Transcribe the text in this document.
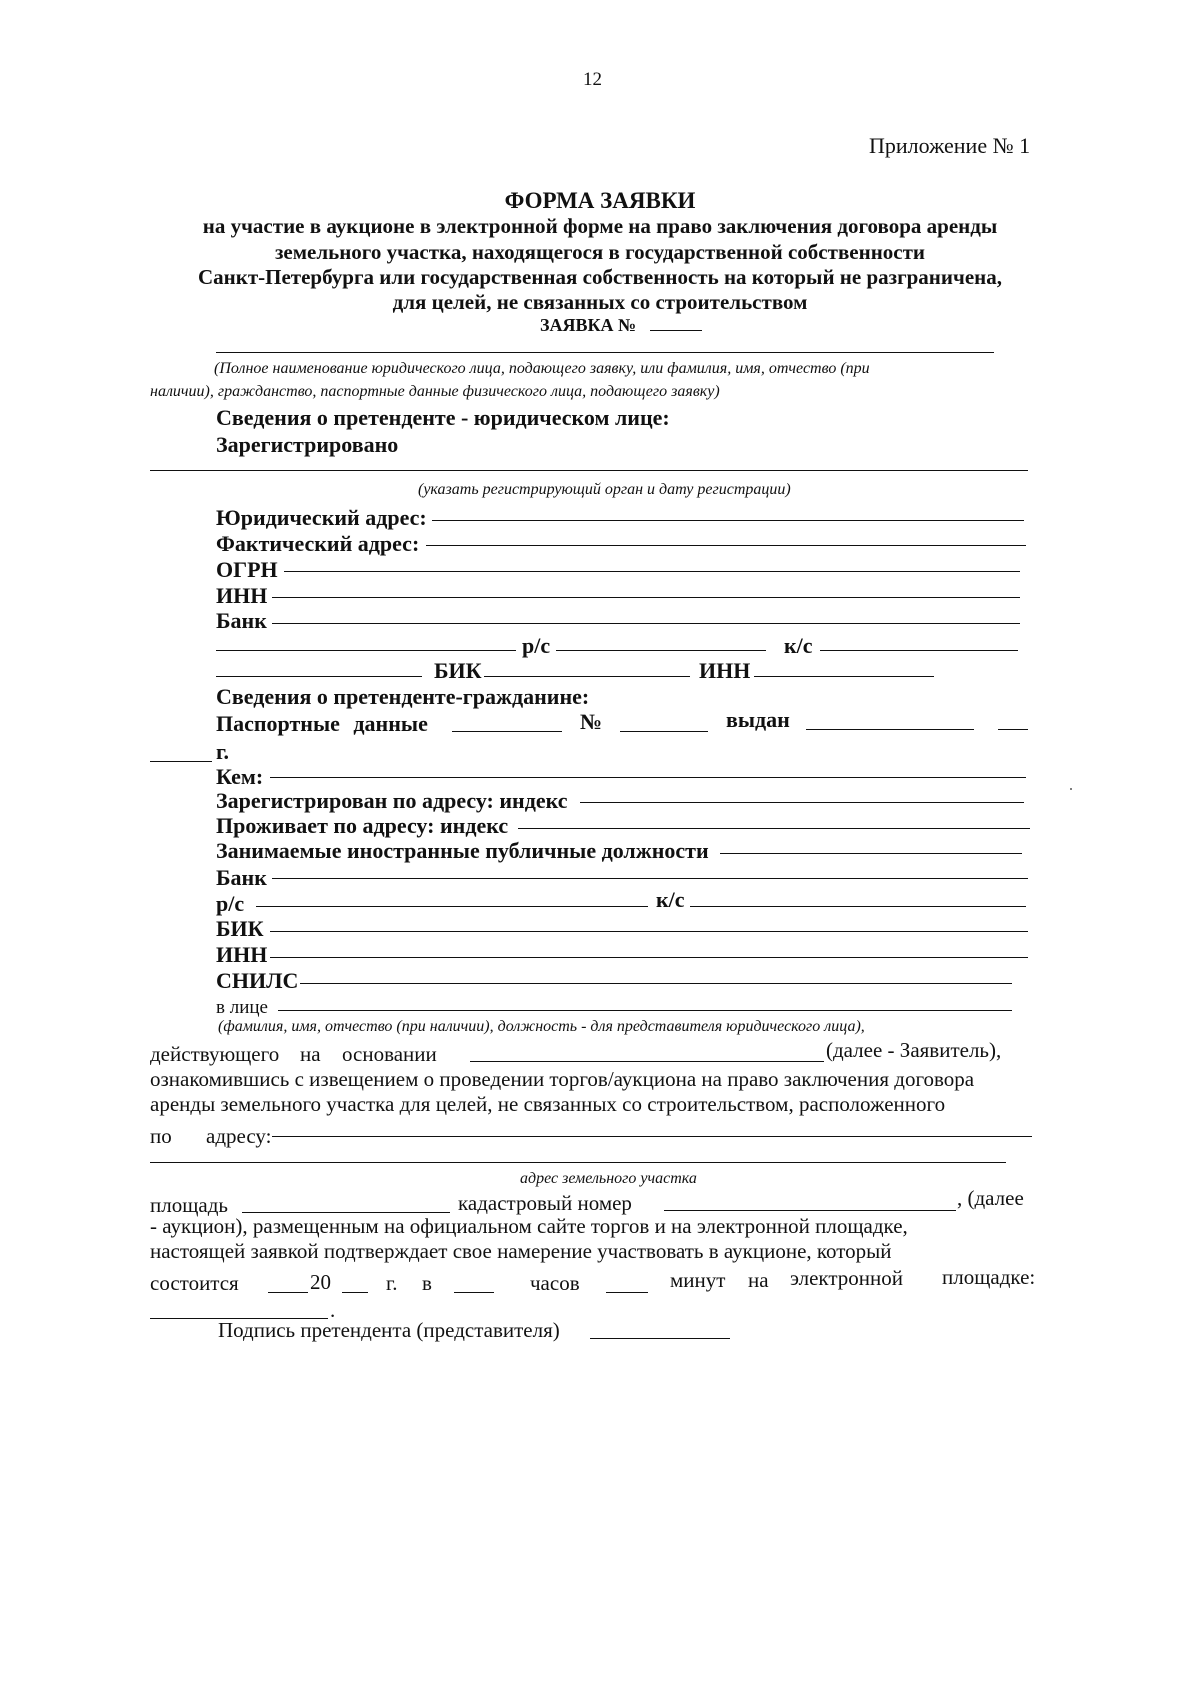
12
Приложение № 1
ФОРМА ЗАЯВКИ
на участие в аукционе в электронной форме на право заключения договора аренды
земельного участка, находящегося в государственной собственности
Санкт-Петербурга или государственная собственность на который не разграничена,
для целей, не связанных со строительством
ЗАЯВКА №
(Полное наименование юридического лица, подающего заявку, или фамилия, имя, отчество (при
наличии), гражданство, паспортные данные физического лица, подающего заявку)
Сведения о претенденте - юридическом лице:
Зарегистрировано
(указать регистрирующий орган и дату регистрации)
Юридический адрес:
Фактический адрес:
ОГРН
ИНН
Банк
р/с	к/с
БИК	ИНН
Сведения о претенденте-гражданине:
Паспортные данные	№	выдан
г.
Кем:
Зарегистрирован по адресу: индекс
Проживает по адресу: индекс
Занимаемые иностранные публичные должности
Банк
р/с	к/с
БИК
ИНН
СНИЛС
в лице
(фамилия, имя, отчество (при наличии), должность - для представителя юридического лица),
действующего на основании	(далее - Заявитель),
ознакомившись с извещением о проведении торгов/аукциона на право заключения договора
аренды земельного участка для целей, не связанных со строительством, расположенного
по адресу:
адрес земельного участка
площадь	кадастровый номер	, (далее
- аукцион), размещенным на официальном сайте торгов и на электронной площадке,
настоящей заявкой подтверждает свое намерение участвовать в аукционе, который
состоится	20	г. в	часов	минут на электронной площадке:
.
Подпись претендента (представителя)
